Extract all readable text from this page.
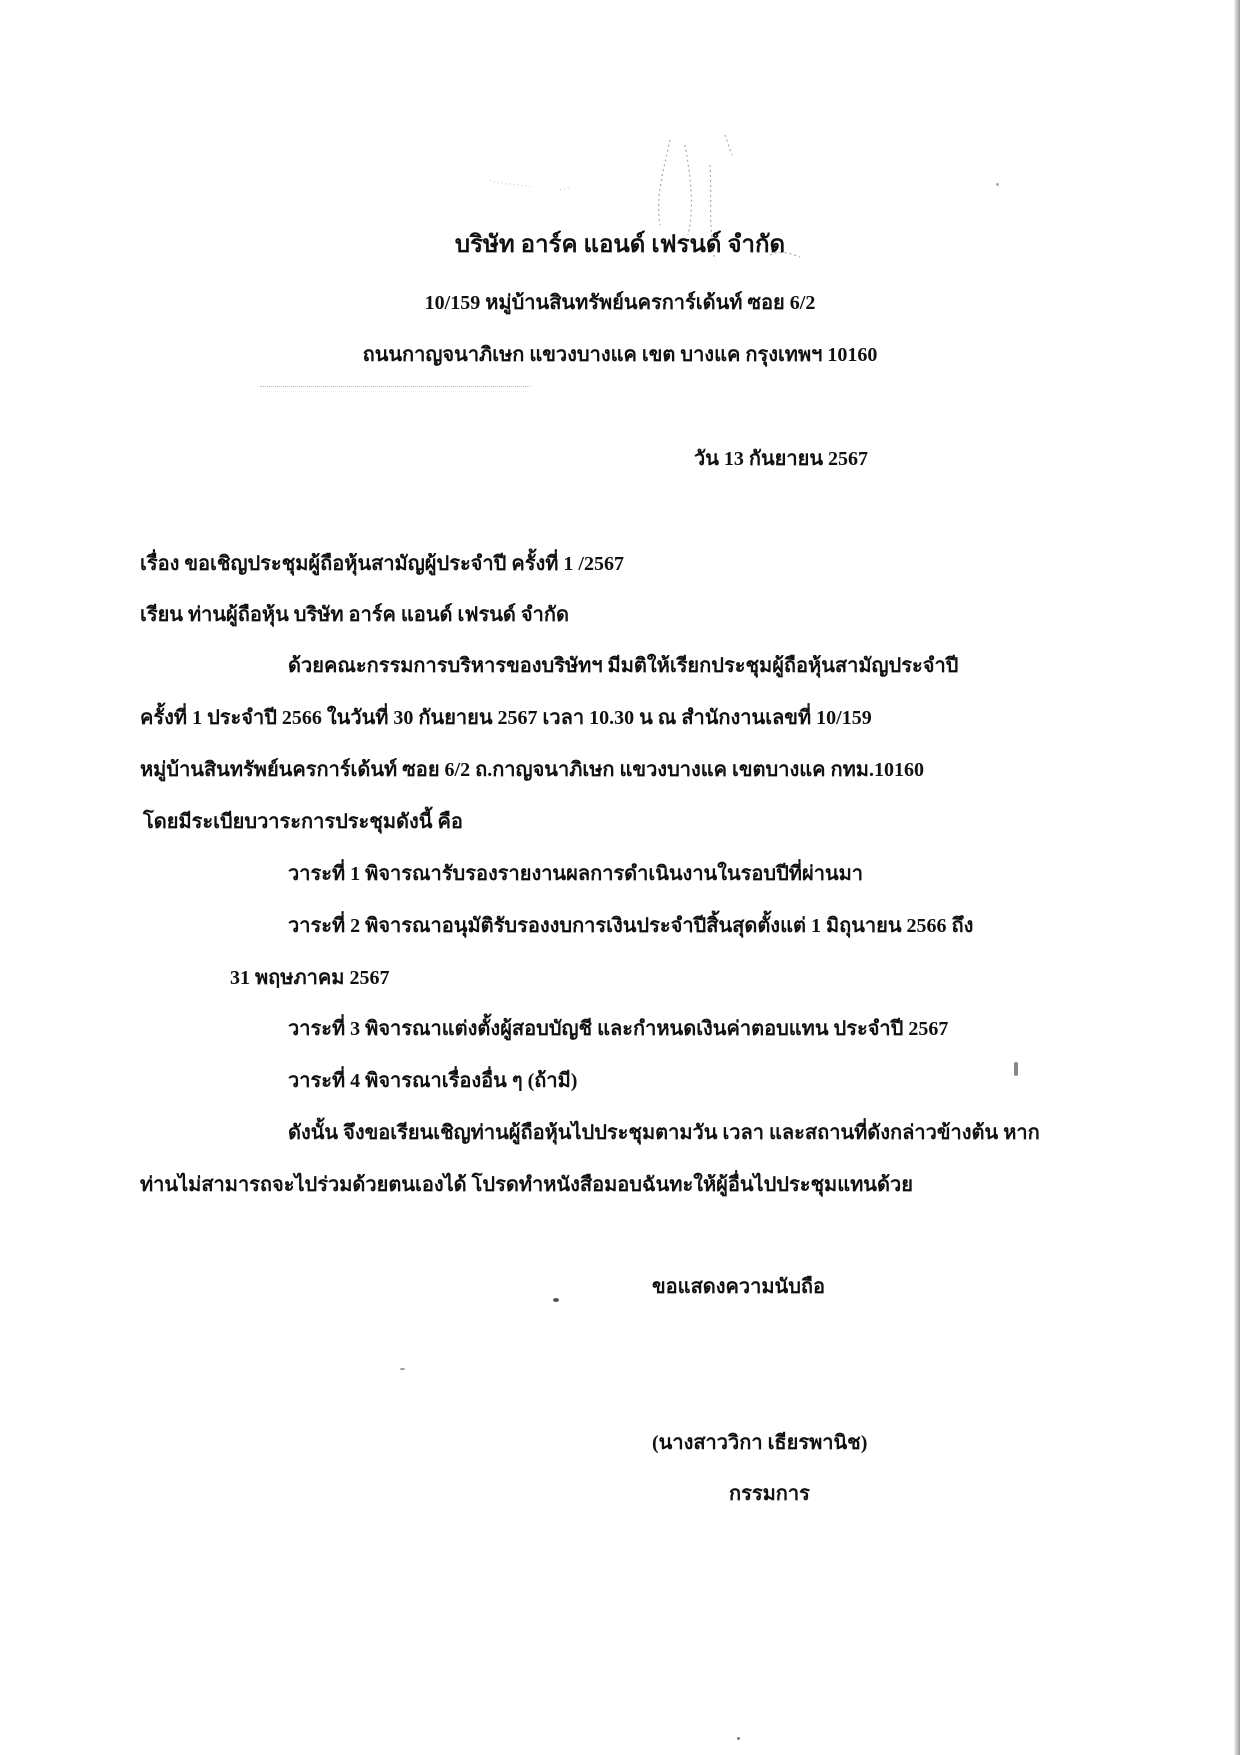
บริษัท อาร์ค แอนด์ เฟรนด์ จำกัด
10/159 หมู่บ้านสินทรัพย์นครการ์เด้นท์ ซอย 6/2
ถนนกาญจนาภิเษก แขวงบางแค เขต บางแค กรุงเทพฯ 10160
วัน 13 กันยายน 2567
เรื่อง ขอเชิญประชุมผู้ถือหุ้นสามัญผู้ประจำปี ครั้งที่ 1 /2567
เรียน ท่านผู้ถือหุ้น บริษัท อาร์ค แอนด์ เฟรนด์ จำกัด
ด้วยคณะกรรมการบริหารของบริษัทฯ มีมติให้เรียกประชุมผู้ถือหุ้นสามัญประจำปี
ครั้งที่ 1 ประจำปี 2566 ในวันที่ 30 กันยายน 2567 เวลา 10.30 น ณ สำนักงานเลขที่ 10/159
หมู่บ้านสินทรัพย์นครการ์เด้นท์ ซอย 6/2 ถ.กาญจนาภิเษก แขวงบางแค เขตบางแค กทม.10160
โดยมีระเบียบวาระการประชุมดังนี้ คือ
วาระที่ 1 พิจารณารับรองรายงานผลการดำเนินงานในรอบปีที่ผ่านมา
วาระที่ 2 พิจารณาอนุมัติรับรองงบการเงินประจำปีสิ้นสุดตั้งแต่ 1 มิถุนายน 2566 ถึง
31 พฤษภาคม 2567
วาระที่ 3 พิจารณาแต่งตั้งผู้สอบบัญชี และกำหนดเงินค่าตอบแทน ประจำปี 2567
วาระที่ 4 พิจารณาเรื่องอื่น ๆ (ถ้ามี)
ดังนั้น จึงขอเรียนเชิญท่านผู้ถือหุ้นไปประชุมตามวัน เวลา และสถานที่ดังกล่าวข้างต้น หาก
ท่านไม่สามารถจะไปร่วมด้วยตนเองได้ โปรดทำหนังสือมอบฉันทะให้ผู้อื่นไปประชุมแทนด้วย
ขอแสดงความนับถือ
(นางสาววิกา เธียรพานิช)
กรรมการ
